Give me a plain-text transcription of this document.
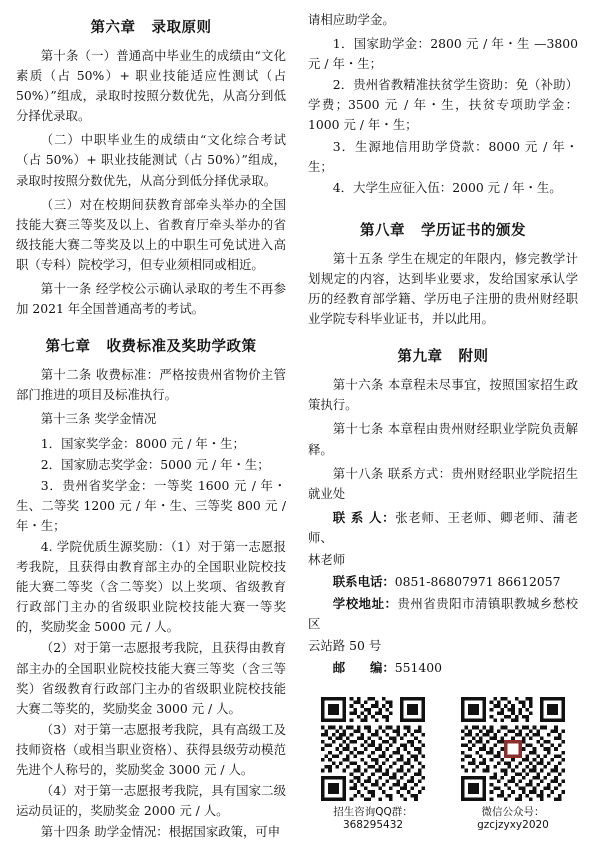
第六章 录取原则

第十条（一）普通高中毕业生的成绩由“文化素质（占 50%）+ 职业技能适应性测试（占 50%）”组成，录取时按照分数优先，从高分到低分择优录取。

（二）中职毕业生的成绩由“文化综合考试（占 50%）+ 职业技能测试（占 50%）”组成，录取时按照分数优先，从高分到低分择优录取。

（三）对在校期间获教育部牵头举办的全国技能大赛三等奖及以上、省教育厅牵头举办的省级技能大赛二等奖及以上的中职生可免试进入高职（专科）院校学习，但专业须相同或相近。

第十一条 经学校公示确认录取的考生不再参加 2021 年全国普通高考的考试。

第七章 收费标准及奖助学政策

第十二条 收费标准：严格按贵州省物价主管部门推进的项目及标准执行。

第十三条 奖学金情况

1．国家奖学金：8000 元 / 年・生；

2．国家励志奖学金：5000 元 / 年・生；

3．贵州省奖学金：一等奖 1600 元 / 年・生、二等奖 1200 元 / 年・生、三等奖 800 元 / 年・生；

4. 学院优质生源奖励：（1）对于第一志愿报考我院，且获得由教育部主办的全国职业院校技能大赛二等奖（含二等奖）以上奖项、省级教育行政部门主办的省级职业院校技能大赛一等奖的，奖励奖金 5000 元 / 人。

（2）对于第一志愿报考我院，且获得由教育部主办的全国职业院校技能大赛三等奖（含三等奖）省级教育行政部门主办的省级职业院校技能大赛二等奖的，奖励奖金 3000 元 / 人。

（3）对于第一志愿报考我院，具有高级工及技师资格（或相当职业资格）、获得县级劳动模范先进个人称号的，奖励奖金 3000 元 / 人。

（4）对于第一志愿报考我院，具有国家二级运动员证的，奖励奖金 2000 元 / 人。

第十四条 助学金情况：根据国家政策，可申

请相应助学金。

1．国家助学金：2800 元 / 年・生 —3800 元 / 年・生；

2．贵州省教精准扶贫学生资助：免（补助）学费；3500 元 / 年・生，扶贫专项助学金：1000 元 / 年・生；

3．生源地信用助学贷款：8000 元 / 年・生；

4．大学生应征入伍：2000 元 / 年・生。

第八章 学历证书的颁发

第十五条 学生在规定的年限内，修完教学计划规定的内容，达到毕业要求，发给国家承认学历的经教育部学籍、学历电子注册的贵州财经职业学院专科毕业证书，并以此用。

第九章 附则

第十六条 本章程未尽事宜，按照国家招生政策执行。

第十七条 本章程由贵州财经职业学院负责解释。

第十八条 联系方式：贵州财经职业学院招生就业处

联 系 人：张老师、王老师、卿老师、蒲老师、

林老师

联系电话：0851-86807971 86612057

学校地址：贵州省贵阳市清镇职教城乡愁校区

云站路 50 号

邮　　编：551400

招生咨询QQ群：368295432
微信公众号：gzcjzyxy2020
